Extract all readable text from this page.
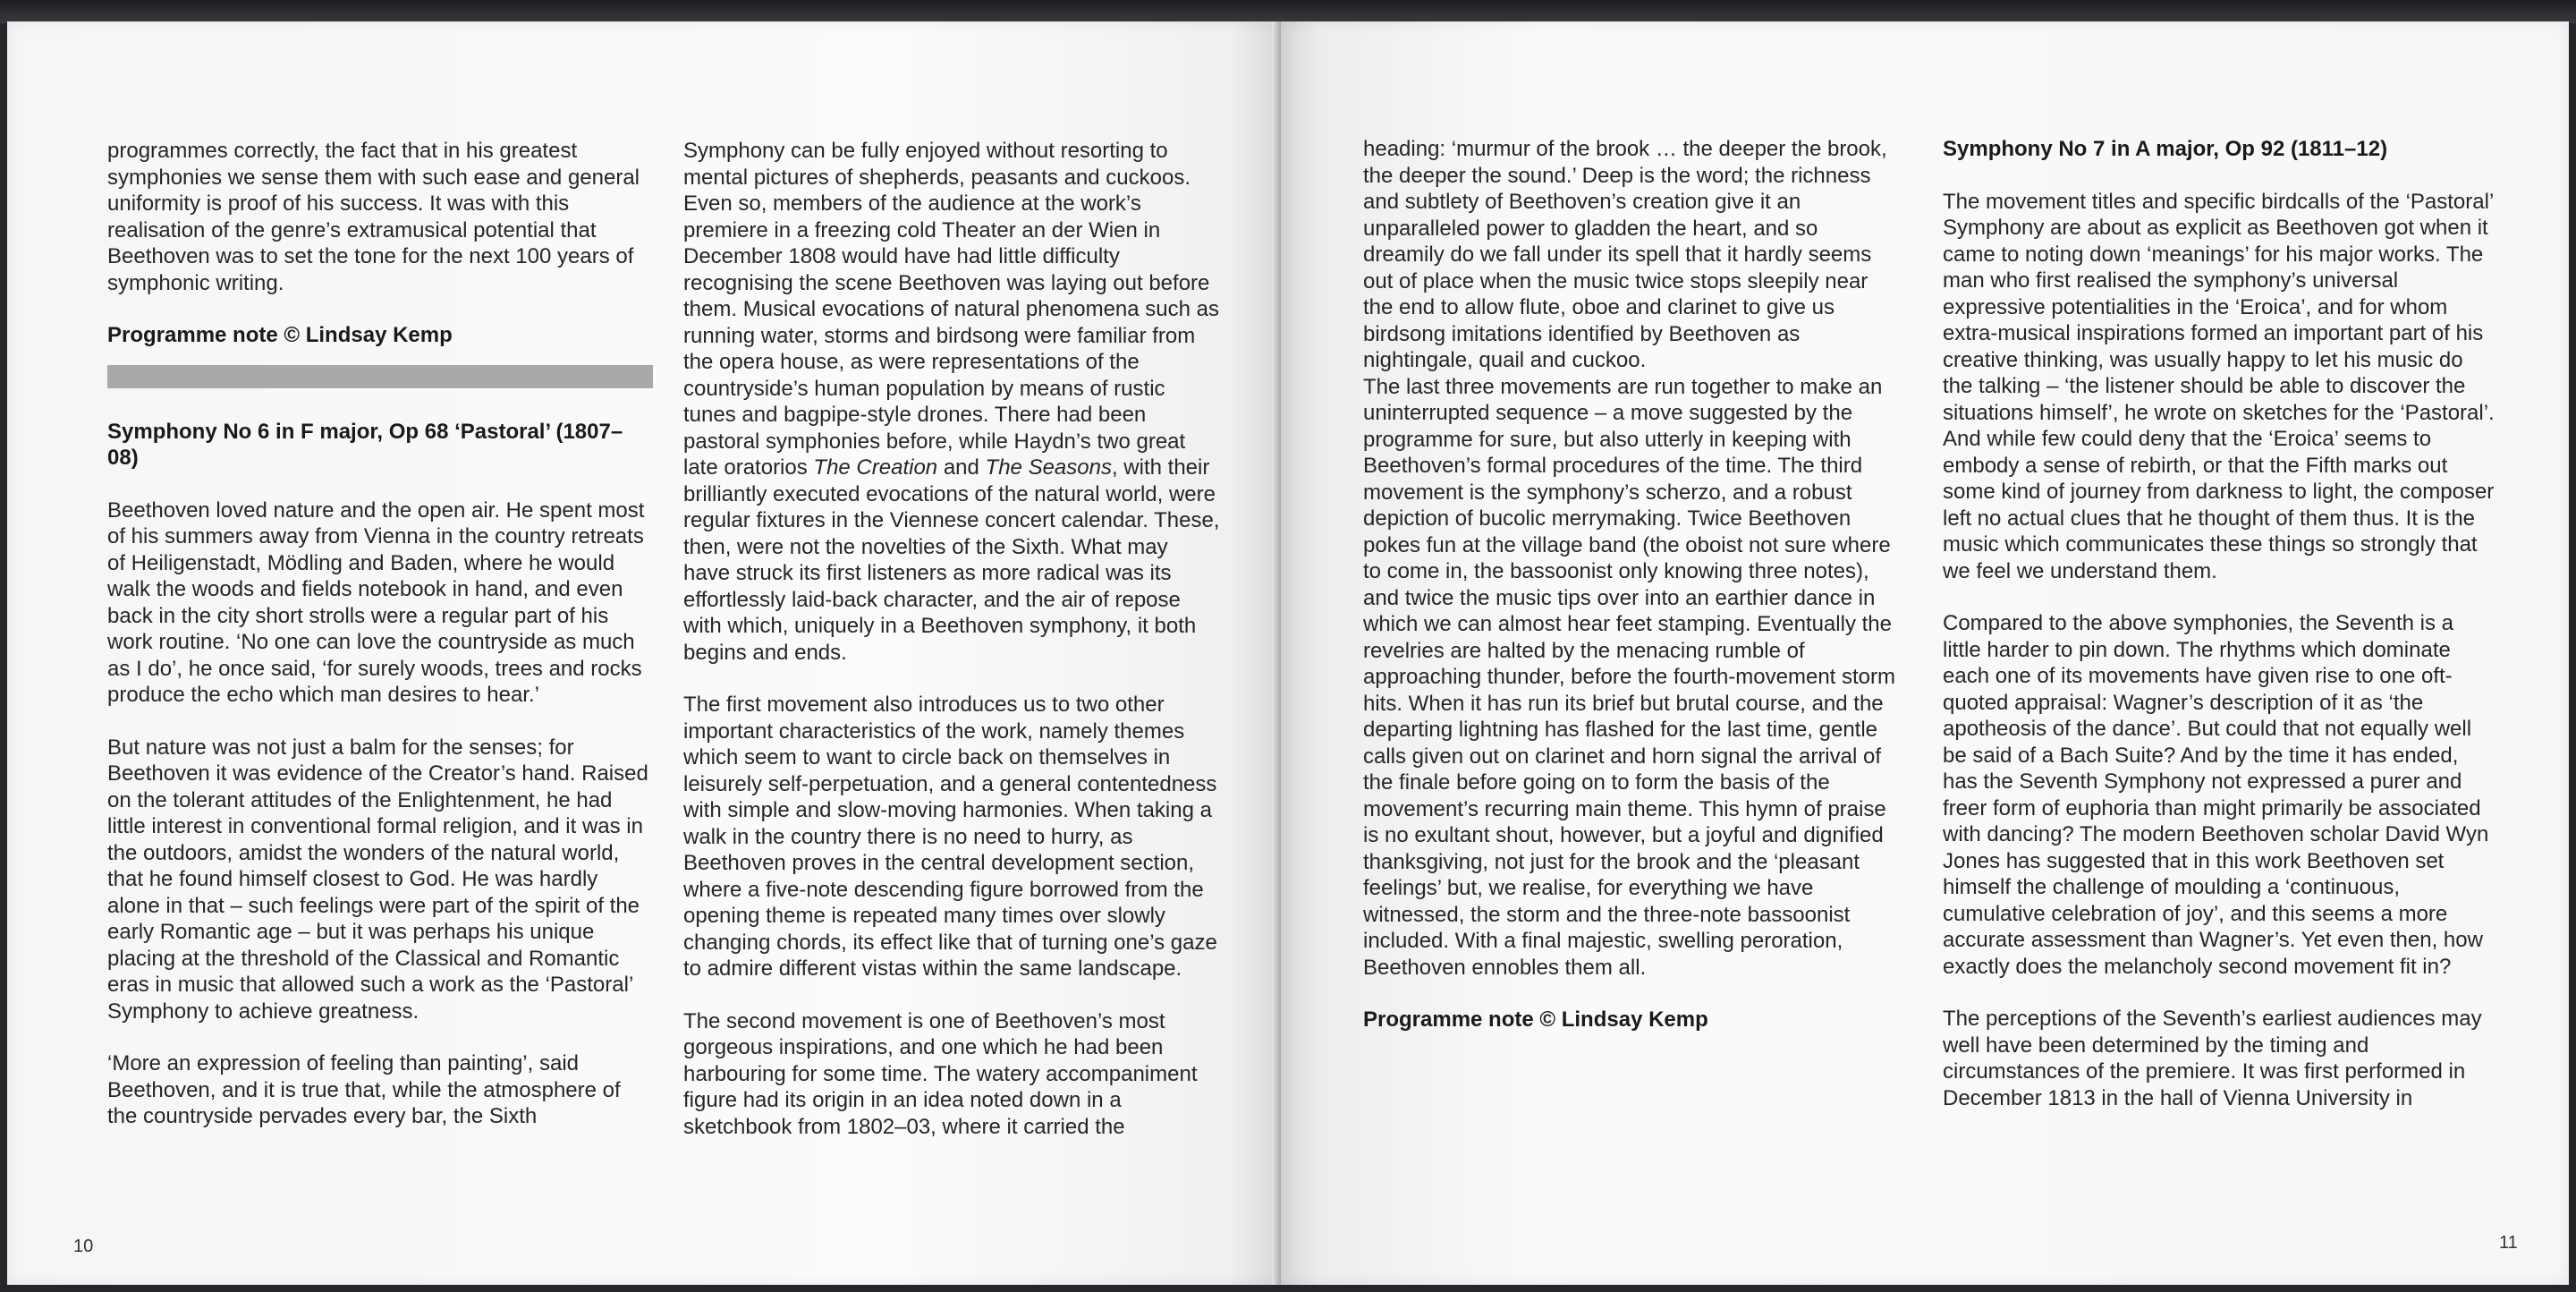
programmes correctly, the fact that in his greatest symphonies we sense them with such ease and general uniformity is proof of his success. It was with this realisation of the genre’s extramusical potential that Beethoven was to set the tone for the next 100 years of symphonic writing.

Programme note © Lindsay Kemp

Symphony No 6 in F major, Op 68 ‘Pastoral’ (1807–08)

Beethoven loved nature and the open air. He spent most of his summers away from Vienna in the country retreats of Heiligenstadt, Mödling and Baden, where he would walk the woods and fields notebook in hand, and even back in the city short strolls were a regular part of his work routine. ‘No one can love the countryside as much as I do’, he once said, ‘for surely woods, trees and rocks produce the echo which man desires to hear.’

But nature was not just a balm for the senses; for Beethoven it was evidence of the Creator’s hand. Raised on the tolerant attitudes of the Enlightenment, he had little interest in conventional formal religion, and it was in the outdoors, amidst the wonders of the natural world, that he found himself closest to God. He was hardly alone in that – such feelings were part of the spirit of the early Romantic age – but it was perhaps his unique placing at the threshold of the Classical and Romantic eras in music that allowed such a work as the ‘Pastoral’ Symphony to achieve greatness.

‘More an expression of feeling than painting’, said Beethoven, and it is true that, while the atmosphere of the countryside pervades every bar, the Sixth

Symphony can be fully enjoyed without resorting to mental pictures of shepherds, peasants and cuckoos. Even so, members of the audience at the work’s premiere in a freezing cold Theater an der Wien in December 1808 would have had little difficulty recognising the scene Beethoven was laying out before them. Musical evocations of natural phenomena such as running water, storms and birdsong were familiar from the opera house, as were representations of the countryside’s human population by means of rustic tunes and bagpipe-style drones. There had been pastoral symphonies before, while Haydn’s two great late oratorios The Creation and The Seasons, with their brilliantly executed evocations of the natural world, were regular fixtures in the Viennese concert calendar. These, then, were not the novelties of the Sixth. What may have struck its first listeners as more radical was its effortlessly laid-back character, and the air of repose with which, uniquely in a Beethoven symphony, it both begins and ends.

The first movement also introduces us to two other important characteristics of the work, namely themes which seem to want to circle back on themselves in leisurely self-perpetuation, and a general contentedness with simple and slow-moving harmonies. When taking a walk in the country there is no need to hurry, as Beethoven proves in the central development section, where a five-note descending figure borrowed from the opening theme is repeated many times over slowly changing chords, its effect like that of turning one’s gaze to admire different vistas within the same landscape.

The second movement is one of Beethoven’s most gorgeous inspirations, and one which he had been harbouring for some time. The watery accompaniment figure had its origin in an idea noted down in a sketchbook from 1802–03, where it carried the

10

heading: ‘murmur of the brook … the deeper the brook, the deeper the sound.’ Deep is the word; the richness and subtlety of Beethoven’s creation give it an unparalleled power to gladden the heart, and so dreamily do we fall under its spell that it hardly seems out of place when the music twice stops sleepily near the end to allow flute, oboe and clarinet to give us birdsong imitations identified by Beethoven as nightingale, quail and cuckoo.

The last three movements are run together to make an uninterrupted sequence – a move suggested by the programme for sure, but also utterly in keeping with Beethoven’s formal procedures of the time. The third movement is the symphony’s scherzo, and a robust depiction of bucolic merrymaking. Twice Beethoven pokes fun at the village band (the oboist not sure where to come in, the bassoonist only knowing three notes), and twice the music tips over into an earthier dance in which we can almost hear feet stamping. Eventually the revelries are halted by the menacing rumble of approaching thunder, before the fourth-movement storm hits. When it has run its brief but brutal course, and the departing lightning has flashed for the last time, gentle calls given out on clarinet and horn signal the arrival of the finale before going on to form the basis of the movement’s recurring main theme. This hymn of praise is no exultant shout, however, but a joyful and dignified thanksgiving, not just for the brook and the ‘pleasant feelings’ but, we realise, for everything we have witnessed, the storm and the three-note bassoonist included. With a final majestic, swelling peroration, Beethoven ennobles them all.

Programme note © Lindsay Kemp

Symphony No 7 in A major, Op 92 (1811–12)

The movement titles and specific birdcalls of the ‘Pastoral’ Symphony are about as explicit as Beethoven got when it came to noting down ‘meanings’ for his major works. The man who first realised the symphony’s universal expressive potentialities in the ‘Eroica’, and for whom extra-musical inspirations formed an important part of his creative thinking, was usually happy to let his music do the talking – ‘the listener should be able to discover the situations himself’, he wrote on sketches for the ‘Pastoral’. And while few could deny that the ‘Eroica’ seems to embody a sense of rebirth, or that the Fifth marks out some kind of journey from darkness to light, the composer left no actual clues that he thought of them thus. It is the music which communicates these things so strongly that we feel we understand them.

Compared to the above symphonies, the Seventh is a little harder to pin down. The rhythms which dominate each one of its movements have given rise to one oft-quoted appraisal: Wagner’s description of it as ‘the apotheosis of the dance’. But could that not equally well be said of a Bach Suite? And by the time it has ended, has the Seventh Symphony not expressed a purer and freer form of euphoria than might primarily be associated with dancing? The modern Beethoven scholar David Wyn Jones has suggested that in this work Beethoven set himself the challenge of moulding a ‘continuous, cumulative celebration of joy’, and this seems a more accurate assessment than Wagner’s. Yet even then, how exactly does the melancholy second movement fit in?

The perceptions of the Seventh’s earliest audiences may well have been determined by the timing and circumstances of the premiere. It was first performed in December 1813 in the hall of Vienna University in

11
